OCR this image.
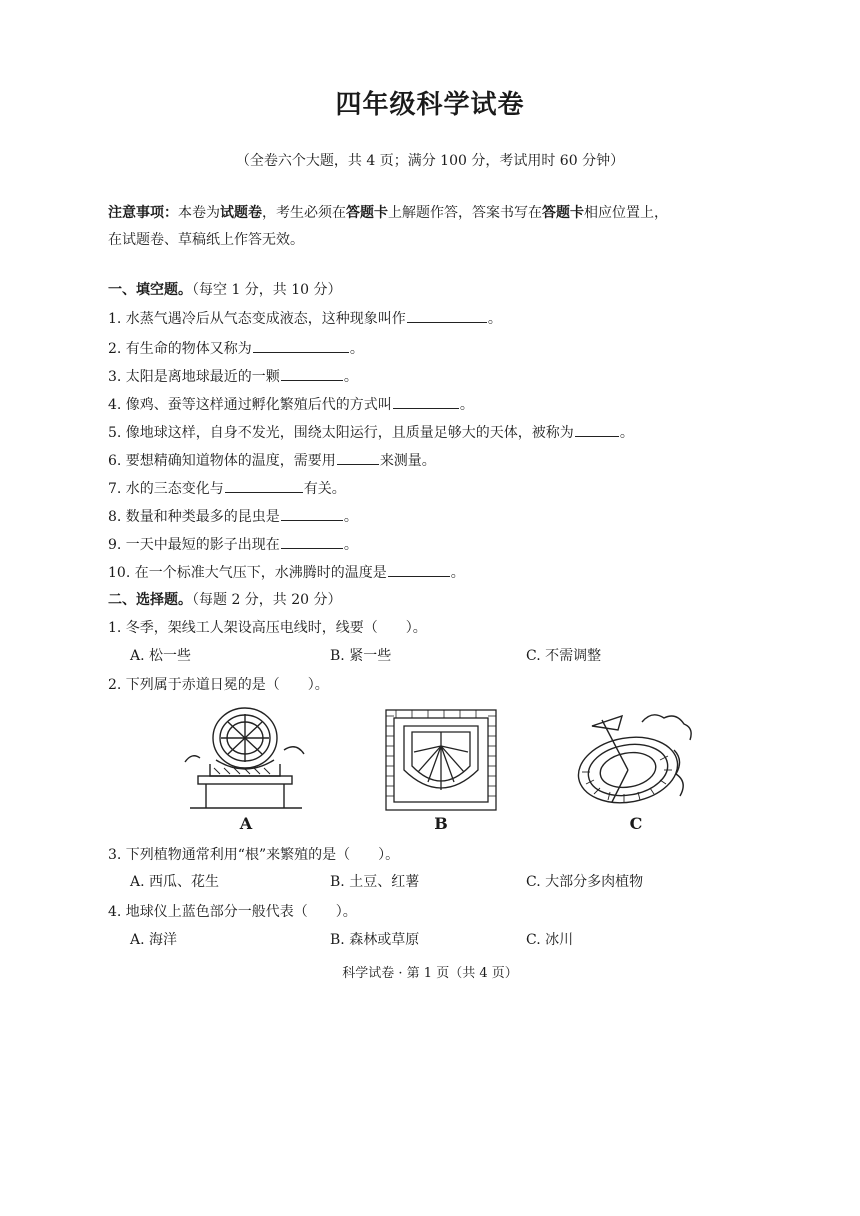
四年级科学试卷
（全卷六个大题，共 4 页；满分 100 分，考试用时 60 分钟）
注意事项：本卷为试题卷，考生必须在答题卡上解题作答，答案书写在答题卡相应位置上，
在试题卷、草稿纸上作答无效。
一、填空题。（每空 1 分，共 10 分）
1. 水蒸气遇冷后从气态变成液态，这种现象叫作	。
2. 有生命的物体又称为	。
3. 太阳是离地球最近的一颗	。
4. 像鸡、蚕等这样通过孵化繁殖后代的方式叫	。
5. 像地球这样，自身不发光，围绕太阳运行，且质量足够大的天体，被称为	。
6. 要想精确知道物体的温度，需要用	来测量。
7. 水的三态变化与	有关。
8. 数量和种类最多的昆虫是	。
9. 一天中最短的影子出现在	。
10. 在一个标准大气压下，水沸腾时的温度是	。
二、选择题。（每题 2 分，共 20 分）
1. 冬季，架线工人架设高压电线时，线要（　　）。
A. 松一些	B. 紧一些	C. 不需调整
2. 下列属于赤道日冕的是（　　）。
A	B	C
3. 下列植物通常利用“根”来繁殖的是（　　）。
A. 西瓜、花生	B. 土豆、红薯	C. 大部分多肉植物
4. 地球仪上蓝色部分一般代表（　　）。
A. 海洋	B. 森林或草原	C. 冰川
科学试卷 · 第 1 页（共 4 页）
